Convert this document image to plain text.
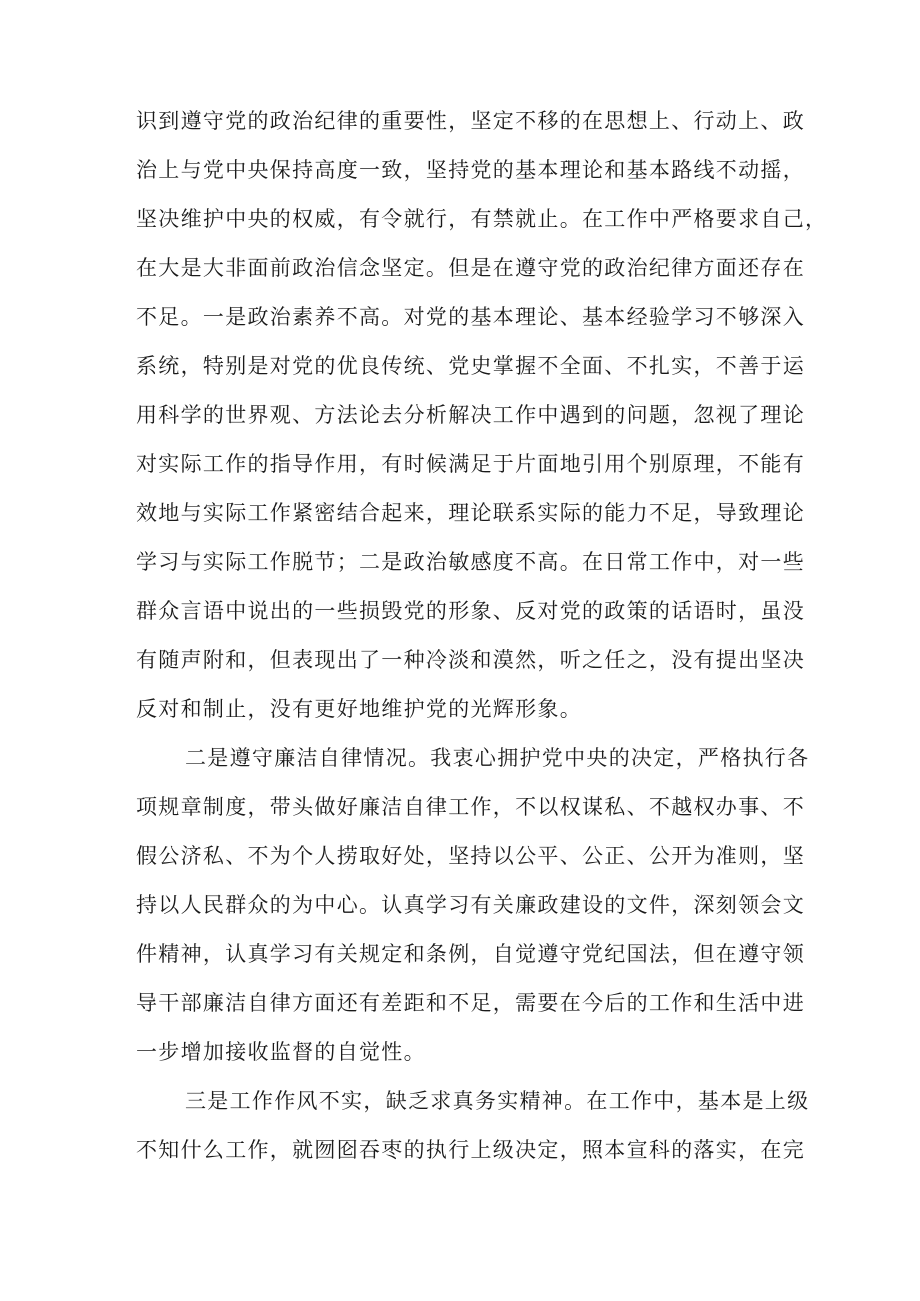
识到遵守党的政治纪律的重要性，坚定不移的在思想上、行动上、政
治上与党中央保持高度一致，坚持党的基本理论和基本路线不动摇，
坚决维护中央的权威，有令就行，有禁就止。在工作中严格要求自己，
在大是大非面前政治信念坚定。但是在遵守党的政治纪律方面还存在
不足。一是政治素养不高。对党的基本理论、基本经验学习不够深入
系统，特别是对党的优良传统、党史掌握不全面、不扎实，不善于运
用科学的世界观、方法论去分析解决工作中遇到的问题，忽视了理论
对实际工作的指导作用，有时候满足于片面地引用个别原理，不能有
效地与实际工作紧密结合起来，理论联系实际的能力不足，导致理论
学习与实际工作脱节；二是政治敏感度不高。在日常工作中，对一些
群众言语中说出的一些损毁党的形象、反对党的政策的话语时，虽没
有随声附和，但表现出了一种冷淡和漠然，听之任之，没有提出坚决
反对和制止，没有更好地维护党的光辉形象。
二是遵守廉洁自律情况。我衷心拥护党中央的决定，严格执行各
项规章制度，带头做好廉洁自律工作，不以权谋私、不越权办事、不
假公济私、不为个人捞取好处，坚持以公平、公正、公开为准则，坚
持以人民群众的为中心。认真学习有关廉政建设的文件，深刻领会文
件精神，认真学习有关规定和条例，自觉遵守党纪国法，但在遵守领
导干部廉洁自律方面还有差距和不足，需要在今后的工作和生活中进
一步增加接收监督的自觉性。
三是工作作风不实，缺乏求真务实精神。在工作中，基本是上级
不知什么工作，就囫囵吞枣的执行上级决定，照本宣科的落实，在完
